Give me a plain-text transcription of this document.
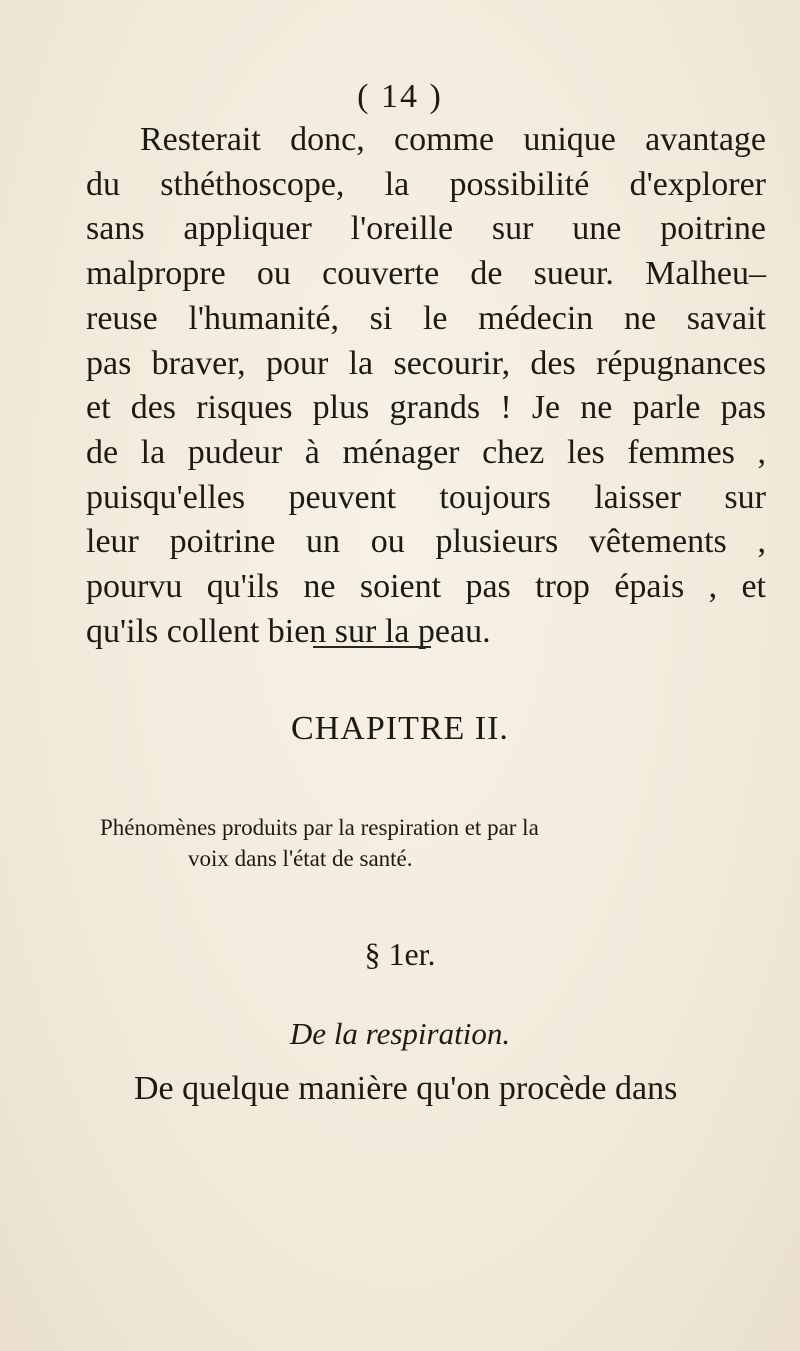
( 14 )
Resterait donc, comme unique avantage
du sthéthoscope, la possibilité d'explorer
sans appliquer l'oreille sur une poitrine
malpropre ou couverte de sueur. Malheu–
reuse l'humanité, si le médecin ne savait
pas braver, pour la secourir, des répugnances
et des risques plus grands ! Je ne parle pas
de la pudeur à ménager chez les femmes ,
puisqu'elles peuvent toujours laisser sur
leur poitrine un ou plusieurs vêtements ,
pourvu qu'ils ne soient pas trop épais , et
qu'ils collent bien sur la peau.
CHAPITRE II.
Phénomènes produits par la respiration et par la
voix dans l'état de santé.
§ 1er.
De la respiration.
De quelque manière qu'on procède dans
